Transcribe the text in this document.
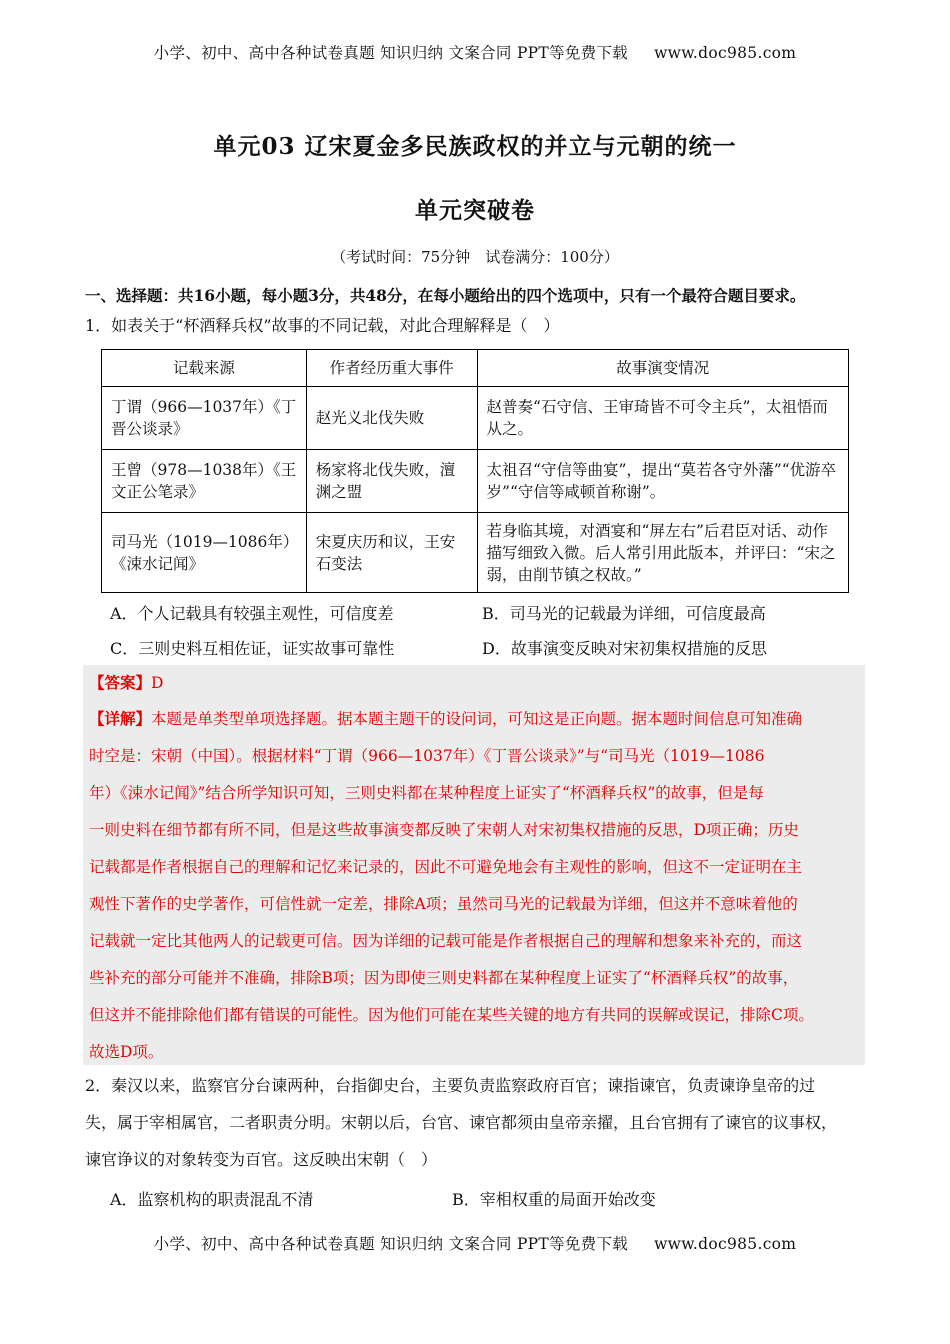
小学、初中、高中各种试卷真题 知识归纳 文案合同 PPT等免费下载 www.doc985.com
单元03 辽宋夏金多民族政权的并立与元朝的统一
单元突破卷
（考试时间：75分钟　试卷满分：100分）
一、选择题：共16小题，每小题3分，共48分，在每小题给出的四个选项中，只有一个最符合题目要求。
1．如表关于“杯酒释兵权”故事的不同记载，对此合理解释是（　）
记载来源	作者经历重大事件	故事演变情况
丁谓（966—1037年）《丁晋公谈录》	赵光义北伐失败	赵普奏“石守信、王审琦皆不可令主兵”，太祖悟而从之。
王曾（978—1038年）《王文正公笔录》	杨家将北伐失败，澶渊之盟	太祖召“守信等曲宴”，提出“莫若各守外藩”“优游卒岁”“守信等咸顿首称谢”。
司马光（1019—1086年）《涑水记闻》	宋夏庆历和议，王安石变法	若身临其境，对酒宴和“屏左右”后君臣对话、动作描写细致入微。后人常引用此版本，并评曰：“宋之弱，由削节镇之权故。”
A．个人记载具有较强主观性，可信度差	B．司马光的记载最为详细，可信度最高
C．三则史料互相佐证，证实故事可靠性	D．故事演变反映对宋初集权措施的反思
【答案】D
【详解】本题是单类型单项选择题。据本题主题干的设问词，可知这是正向题。据本题时间信息可知准确
时空是：宋朝（中国）。根据材料“丁谓（966—1037年）《丁晋公谈录》”与“司马光（1019—1086
年）《涑水记闻》”结合所学知识可知，三则史料都在某种程度上证实了“杯酒释兵权”的故事，但是每
一则史料在细节都有所不同，但是这些故事演变都反映了宋朝人对宋初集权措施的反思，D项正确；历史
记载都是作者根据自己的理解和记忆来记录的，因此不可避免地会有主观性的影响，但这不一定证明在主
观性下著作的史学著作，可信性就一定差，排除A项；虽然司马光的记载最为详细，但这并不意味着他的
记载就一定比其他两人的记载更可信。因为详细的记载可能是作者根据自己的理解和想象来补充的，而这
些补充的部分可能并不准确，排除B项；因为即使三则史料都在某种程度上证实了“杯酒释兵权”的故事，
但这并不能排除他们都有错误的可能性。因为他们可能在某些关键的地方有共同的误解或误记，排除C项。
故选D项。
2．秦汉以来，监察官分台谏两种，台指御史台，主要负责监察政府百官；谏指谏官，负责谏诤皇帝的过
失，属于宰相属官，二者职责分明。宋朝以后，台官、谏官都须由皇帝亲擢，且台官拥有了谏官的议事权，
谏官诤议的对象转变为百官。这反映出宋朝（　）
A．监察机构的职责混乱不清	B．宰相权重的局面开始改变
小学、初中、高中各种试卷真题 知识归纳 文案合同 PPT等免费下载 www.doc985.com
